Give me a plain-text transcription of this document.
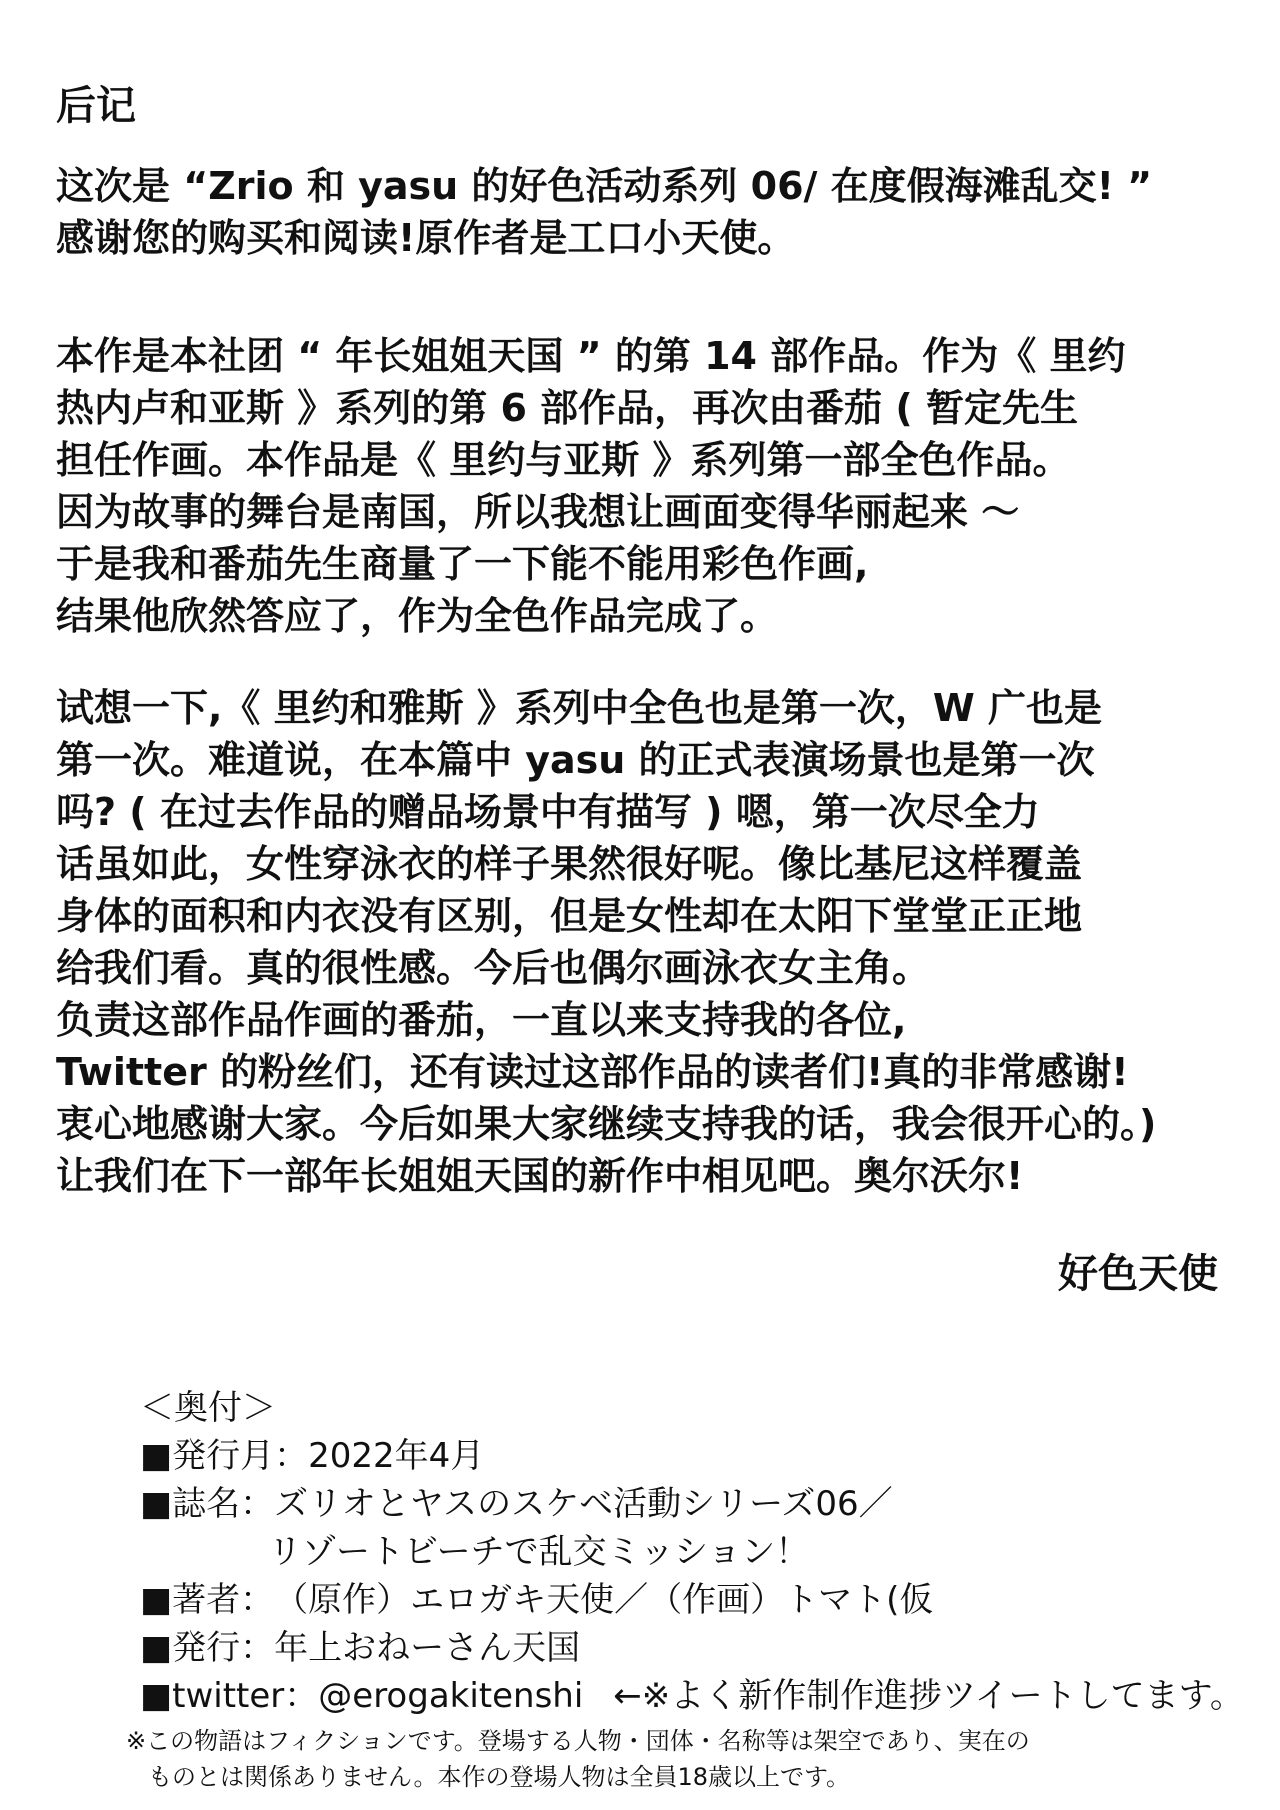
后记
这次是 “Zrio 和 yasu 的好色活动系列 06/ 在度假海滩乱交! ”
感谢您的购买和阅读!原作者是工口小天使。
本作是本社团 “ 年长姐姐天国 ” 的第 14 部作品。作为《 里约
热内卢和亚斯 》系列的第 6 部作品，再次由番茄 ( 暂定先生
担任作画。本作品是《 里约与亚斯 》系列第一部全色作品。
因为故事的舞台是南国，所以我想让画面变得华丽起来 ～
于是我和番茄先生商量了一下能不能用彩色作画,
结果他欣然答应了，作为全色作品完成了。
试想一下,《 里约和雅斯 》系列中全色也是第一次，W 广也是
第一次。难道说，在本篇中 yasu 的正式表演场景也是第一次
吗? ( 在过去作品的赠品场景中有描写 ) 嗯，第一次尽全力
话虽如此，女性穿泳衣的样子果然很好呢。像比基尼这样覆盖
身体的面积和内衣没有区别，但是女性却在太阳下堂堂正正地
给我们看。真的很性感。今后也偶尔画泳衣女主角。
负责这部作品作画的番茄，一直以来支持我的各位,
Twitter 的粉丝们，还有读过这部作品的读者们!真的非常感谢!
衷心地感谢大家。今后如果大家继续支持我的话，我会很开心的。)
让我们在下一部年长姐姐天国的新作中相见吧。奥尔沃尔!
好色天使
＜奥付＞
■発行月： 2022年4月
■誌名： ズリオとヤスのスケベ活動シリーズ06／
リゾートビーチで乱交ミッション！
■著者： （原作）エロガキ天使／（作画）トマト(仮
■発行： 年上おねーさん天国
■twitter： @erogakitenshi ←※よく新作制作進捗ツイートしてます。
※この物語はフィクションです。登場する人物・団体・名称等は架空であり、実在の
ものとは関係ありません。本作の登場人物は全員18歳以上です。
